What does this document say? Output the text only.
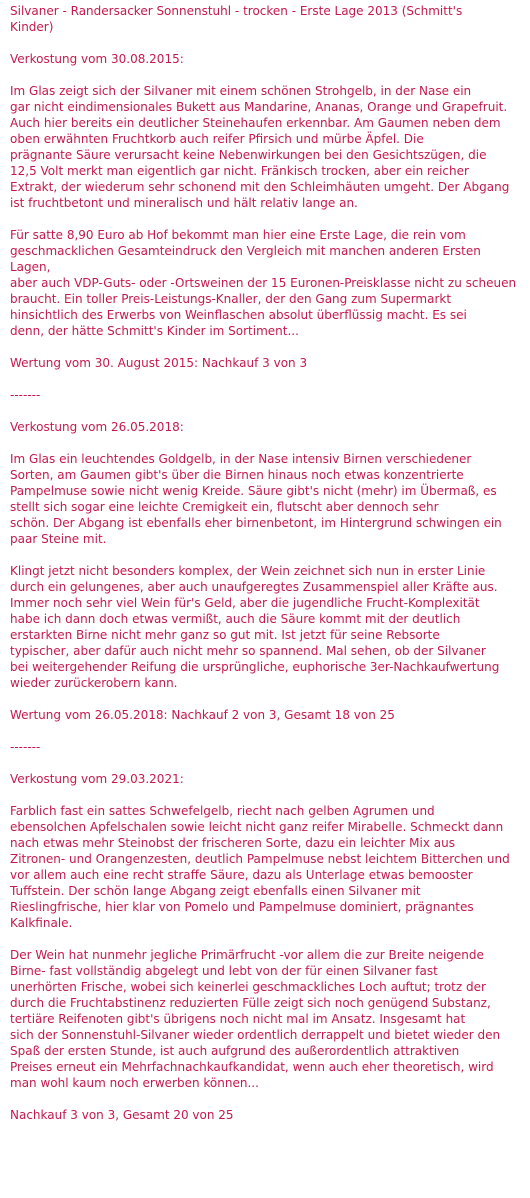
Silvaner - Randersacker Sonnenstuhl - trocken - Erste Lage 2013 (Schmitt's
Kinder)

Verkostung vom 30.08.2015:

Im Glas zeigt sich der Silvaner mit einem schönen Strohgelb, in der Nase ein
gar nicht eindimensionales Bukett aus Mandarine, Ananas, Orange und Grapefruit.
Auch hier bereits ein deutlicher Steinehaufen erkennbar. Am Gaumen neben dem
oben erwähnten Fruchtkorb auch reifer Pfirsich und mürbe Äpfel. Die
prägnante Säure verursacht keine Nebenwirkungen bei den Gesichtszügen, die
12,5 Volt merkt man eigentlich gar nicht. Fränkisch trocken, aber ein reicher
Extrakt, der wiederum sehr schonend mit den Schleimhäuten umgeht. Der Abgang
ist fruchtbetont und mineralisch und hält relativ lange an.

Für satte 8,90 Euro ab Hof bekommt man hier eine Erste Lage, die rein vom
geschmacklichen Gesamteindruck den Vergleich mit manchen anderen Ersten Lagen,
aber auch VDP-Guts- oder -Ortsweinen der 15 Euronen-Preisklasse nicht zu scheuen
braucht. Ein toller Preis-Leistungs-Knaller, der den Gang zum Supermarkt
hinsichtlich des Erwerbs von Weinflaschen absolut überflüssig macht. Es sei
denn, der hätte Schmitt's Kinder im Sortiment...

Wertung vom 30. August 2015: Nachkauf 3 von 3

-------

Verkostung vom 26.05.2018:

Im Glas ein leuchtendes Goldgelb, in der Nase intensiv Birnen verschiedener
Sorten, am Gaumen gibt's über die Birnen hinaus noch etwas konzentrierte
Pampelmuse sowie nicht wenig Kreide. Säure gibt's nicht (mehr) im Übermaß, es
stellt sich sogar eine leichte Cremigkeit ein, flutscht aber dennoch sehr
schön. Der Abgang ist ebenfalls eher birnenbetont, im Hintergrund schwingen ein
paar Steine mit.

Klingt jetzt nicht besonders komplex, der Wein zeichnet sich nun in erster Linie
durch ein gelungenes, aber auch unaufgeregtes Zusammenspiel aller Kräfte aus.
Immer noch sehr viel Wein für's Geld, aber die jugendliche Frucht-Komplexität
habe ich dann doch etwas vermißt, auch die Säure kommt mit der deutlich
erstarkten Birne nicht mehr ganz so gut mit. Ist jetzt für seine Rebsorte
typischer, aber dafür auch nicht mehr so spannend. Mal sehen, ob der Silvaner
bei weitergehender Reifung die ursprüngliche, euphorische 3er-Nachkaufwertung
wieder zurückerobern kann.

Wertung vom 26.05.2018: Nachkauf 2 von 3, Gesamt 18 von 25

-------

Verkostung vom 29.03.2021:

Farblich fast ein sattes Schwefelgelb, riecht nach gelben Agrumen und
ebensolchen Apfelschalen sowie leicht nicht ganz reifer Mirabelle. Schmeckt dann
nach etwas mehr Steinobst der frischeren Sorte, dazu ein leichter Mix aus
Zitronen- und Orangenzesten, deutlich Pampelmuse nebst leichtem Bitterchen und
vor allem auch eine recht straffe Säure, dazu als Unterlage etwas bemooster
Tuffstein. Der schön lange Abgang zeigt ebenfalls einen Silvaner mit
Rieslingfrische, hier klar von Pomelo und Pampelmuse dominiert, prägnantes
Kalkfinale.

Der Wein hat nunmehr jegliche Primärfrucht -vor allem die zur Breite neigende
Birne- fast vollständig abgelegt und lebt von der für einen Silvaner fast
unerhörten Frische, wobei sich keinerlei geschmackliches Loch auftut; trotz der
durch die Fruchtabstinenz reduzierten Fülle zeigt sich noch genügend Substanz,
tertiäre Reifenoten gibt's übrigens noch nicht mal im Ansatz. Insgesamt hat
sich der Sonnenstuhl-Silvaner wieder ordentlich derrappelt und bietet wieder den
Spaß der ersten Stunde, ist auch aufgrund des außerordentlich attraktiven
Preises erneut ein Mehrfachnachkaufkandidat, wenn auch eher theoretisch, wird
man wohl kaum noch erwerben können...

Nachkauf 3 von 3, Gesamt 20 von 25
